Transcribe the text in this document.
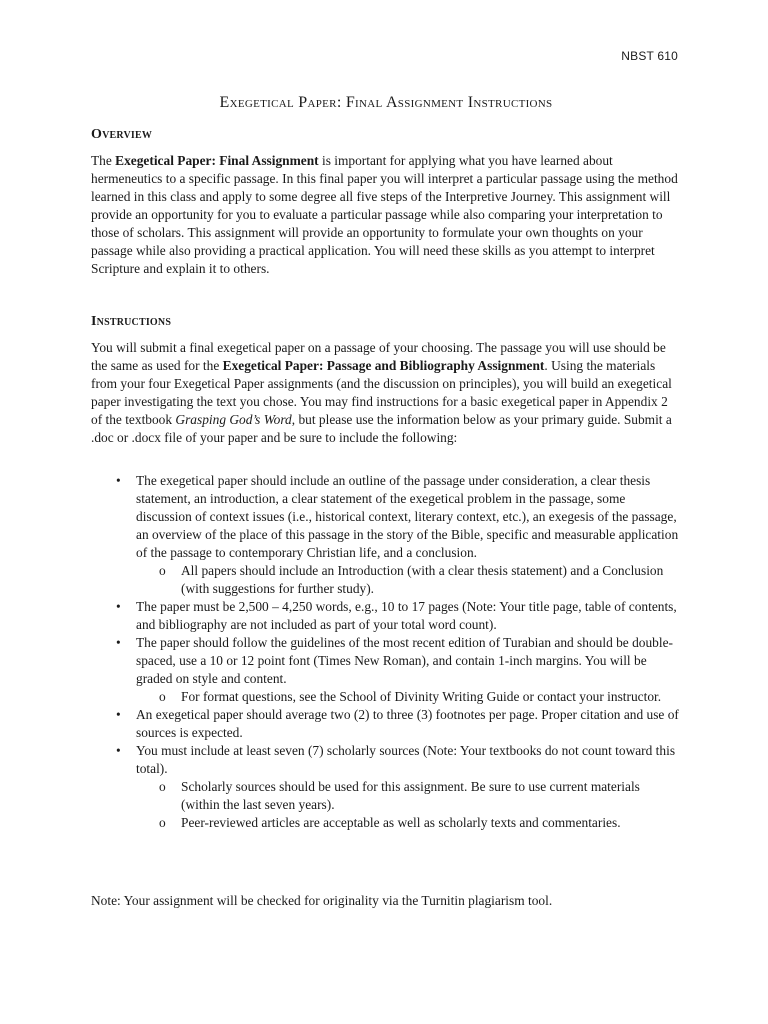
NBST 610
Exegetical Paper: Final Assignment Instructions
Overview

The Exegetical Paper: Final Assignment is important for applying what you have learned about hermeneutics to a specific passage. In this final paper you will interpret a particular passage using the method learned in this class and apply to some degree all five steps of the Interpretive Journey. This assignment will provide an opportunity for you to evaluate a particular passage while also comparing your interpretation to those of scholars. This assignment will provide an opportunity to formulate your own thoughts on your passage while also providing a practical application. You will need these skills as you attempt to interpret Scripture and explain it to others.

Instructions

You will submit a final exegetical paper on a passage of your choosing. The passage you will use should be the same as used for the Exegetical Paper: Passage and Bibliography Assignment. Using the materials from your four Exegetical Paper assignments (and the discussion on principles), you will build an exegetical paper investigating the text you chose. You may find instructions for a basic exegetical paper in Appendix 2 of the textbook Grasping God’s Word, but please use the information below as your primary guide. Submit a .doc or .docx file of your paper and be sure to include the following:

• The exegetical paper should include an outline of the passage under consideration, a clear thesis statement, an introduction, a clear statement of the exegetical problem in the passage, some discussion of context issues (i.e., historical context, literary context, etc.), an exegesis of the passage, an overview of the place of this passage in the story of the Bible, specific and measurable application of the passage to contemporary Christian life, and a conclusion.
o All papers should include an Introduction (with a clear thesis statement) and a Conclusion (with suggestions for further study).
• The paper must be 2,500 – 4,250 words, e.g., 10 to 17 pages (Note: Your title page, table of contents, and bibliography are not included as part of your total word count).
• The paper should follow the guidelines of the most recent edition of Turabian and should be double-spaced, use a 10 or 12 point font (Times New Roman), and contain 1-inch margins. You will be graded on style and content.
o For format questions, see the School of Divinity Writing Guide or contact your instructor.
• An exegetical paper should average two (2) to three (3) footnotes per page. Proper citation and use of sources is expected.
• You must include at least seven (7) scholarly sources (Note: Your textbooks do not count toward this total).
o Scholarly sources should be used for this assignment. Be sure to use current materials (within the last seven years).
o Peer-reviewed articles are acceptable as well as scholarly texts and commentaries.

Note: Your assignment will be checked for originality via the Turnitin plagiarism tool.
